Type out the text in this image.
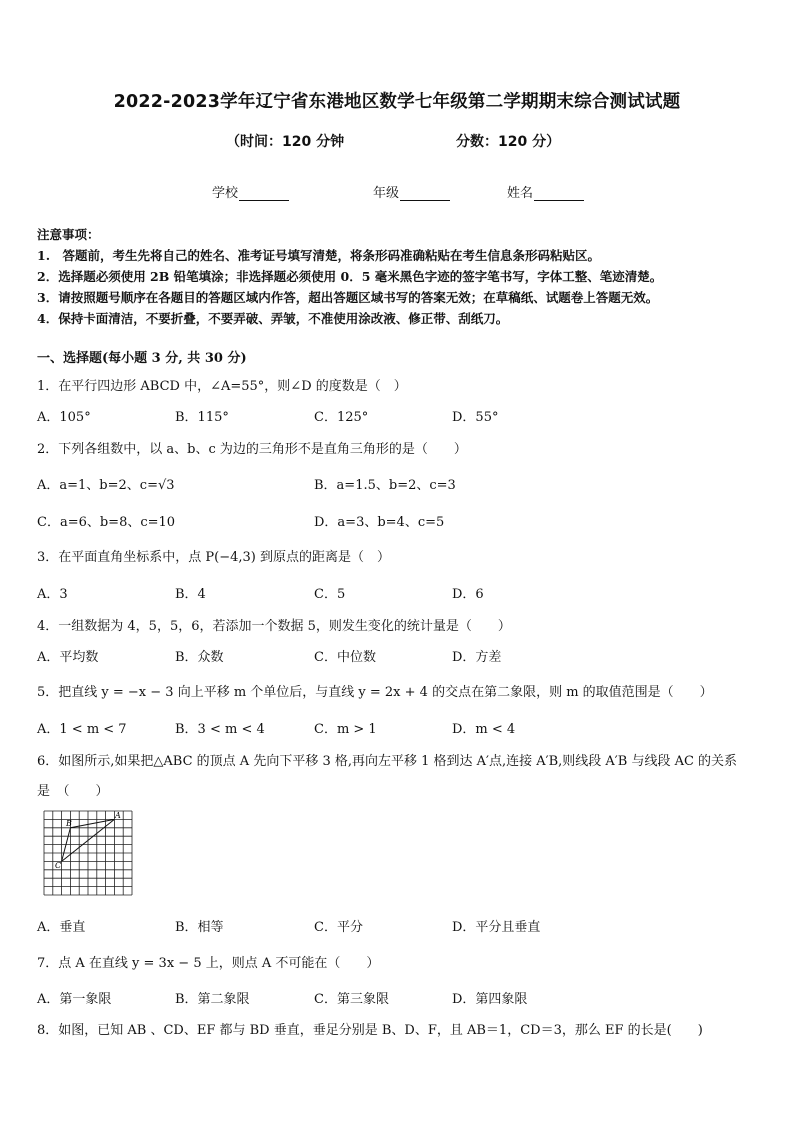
2022-2023学年辽宁省东港地区数学七年级第二学期期末综合测试试题
（时间：120 分钟	分数：120 分）
学校	年级	姓名
注意事项：
1.　答题前，考生先将自己的姓名、准考证号填写清楚，将条形码准确粘贴在考生信息条形码粘贴区。
2．选择题必须使用 2B 铅笔填涂；非选择题必须使用 0．5 毫米黑色字迹的签字笔书写，字体工整、笔迹清楚。
3．请按照题号顺序在各题目的答题区域内作答，超出答题区域书写的答案无效；在草稿纸、试题卷上答题无效。
4．保持卡面清洁，不要折叠，不要弄破、弄皱，不准使用涂改液、修正带、刮纸刀。
一、选择题(每小题 3 分, 共 30 分)
1．在平行四边形 ABCD 中，∠A=55°，则∠D 的度数是（　）
A．105°	B．115°	C．125°	D．55°
2．下列各组数中，以 a、b、c 为边的三角形不是直角三角形的是（　　）
A．a=1、b=2、c=√3	B．a=1.5、b=2、c=3
C．a=6、b=8、c=10	D．a=3、b=4、c=5
3．在平面直角坐标系中，点 P(−4,3) 到原点的距离是（　）
A．3	B．4	C．5	D．6
4．一组数据为 4，5，5，6，若添加一个数据 5，则发生变化的统计量是（　　）
A．平均数	B．众数	C．中位数	D．方差
5．把直线 y = −x − 3 向上平移 m 个单位后，与直线 y = 2x + 4 的交点在第二象限，则 m 的取值范围是（　　）
A．1 < m < 7	B．3 < m < 4	C．m > 1	D．m < 4
6．如图所示,如果把△ABC 的顶点 A 先向下平移 3 格,再向左平移 1 格到达 A′点,连接 A′B,则线段 A′B 与线段 AC 的关系
是　（　　）
A
B
C
A．垂直	B．相等	C．平分	D．平分且垂直
7．点 A 在直线 y = 3x − 5 上，则点 A 不可能在（　　）
A．第一象限	B．第二象限	C．第三象限	D．第四象限
8．如图，已知 AB 、CD、EF 都与 BD 垂直，垂足分别是 B、D、F，且 AB＝1，CD＝3，那么 EF 的长是(　　)
